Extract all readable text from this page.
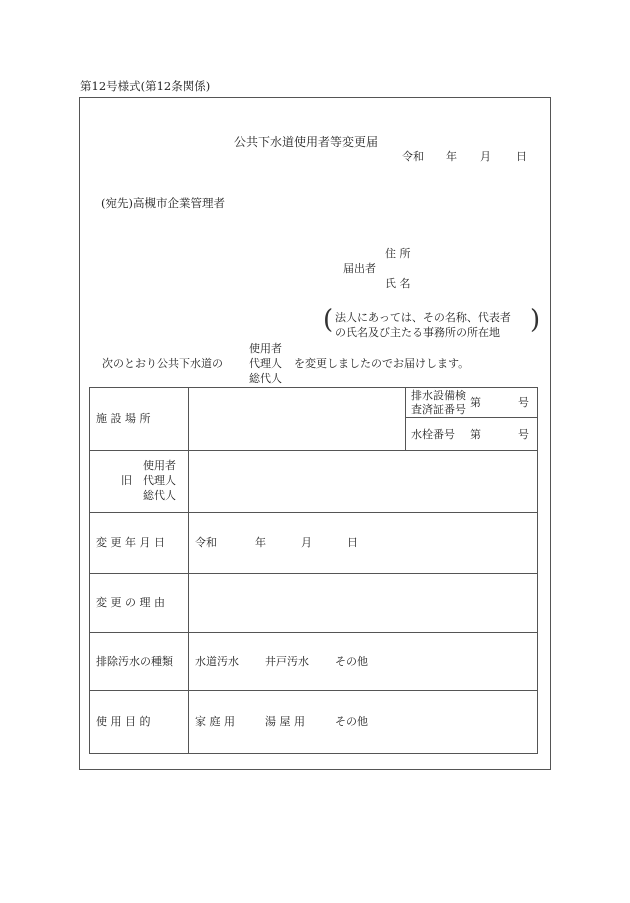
第12号様式(第12条関係)
公共下水道使用者等変更届
令和 年 月 日
(宛先)高槻市企業管理者
住 所
届出者
氏 名
( 法人にあっては、その名称、代表者
の氏名及び主たる事務所の所在地 )
次のとおり公共下水道の
使用者
代理人
総代人
を変更しましたのでお届けします。
施 設 場 所
排水設備検
査済証番号
第	号
水栓番号 第	号
旧
使用者
代理人
総代人
変 更 年 月 日	令和	年	月	日
変 更 の 理 由
排除汚水の種類 水道汚水 井戸汚水 その他
使 用 目 的	家 庭 用	湯 屋 用	その他
